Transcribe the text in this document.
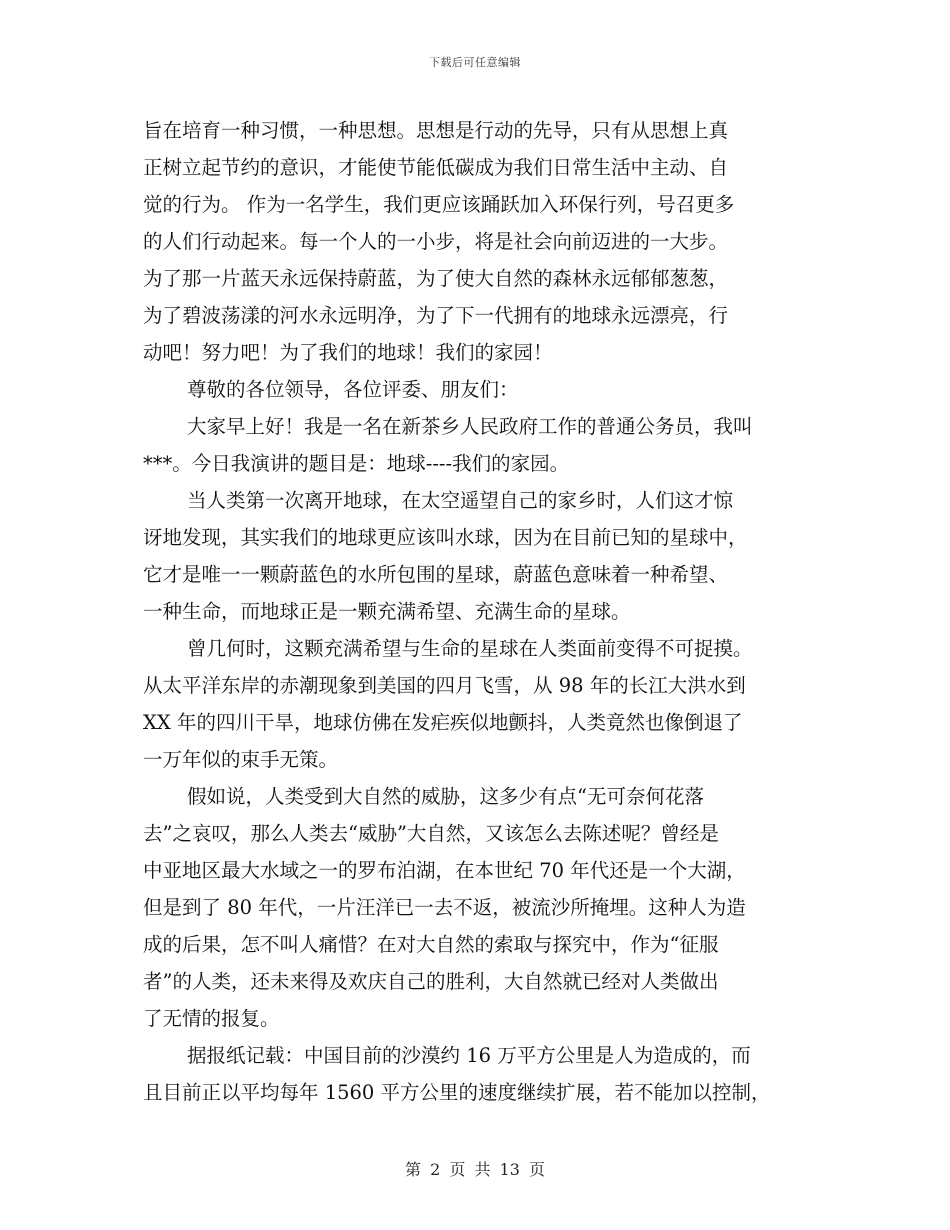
下载后可任意编辑
旨在培育一种习惯，一种思想。思想是行动的先导，只有从思想上真
正树立起节约的意识，才能使节能低碳成为我们日常生活中主动、自
觉的行为。 作为一名学生，我们更应该踊跃加入环保行列，号召更多
的人们行动起来。每一个人的一小步，将是社会向前迈进的一大步。
为了那一片蓝天永远保持蔚蓝，为了使大自然的森林永远郁郁葱葱，
为了碧波荡漾的河水永远明净，为了下一代拥有的地球永远漂亮，行
动吧！努力吧！为了我们的地球！我们的家园！
尊敬的各位领导，各位评委、朋友们：
大家早上好！我是一名在新茶乡人民政府工作的普通公务员，我叫
***。今日我演讲的题目是：地球----我们的家园。
当人类第一次离开地球，在太空遥望自己的家乡时，人们这才惊
讶地发现，其实我们的地球更应该叫水球，因为在目前已知的星球中，
它才是唯一一颗蔚蓝色的水所包围的星球，蔚蓝色意味着一种希望、
一种生命，而地球正是一颗充满希望、充满生命的星球。
曾几何时，这颗充满希望与生命的星球在人类面前变得不可捉摸。
从太平洋东岸的赤潮现象到美国的四月飞雪，从 98 年的长江大洪水到
XX 年的四川干旱，地球仿佛在发疟疾似地颤抖，人类竟然也像倒退了
一万年似的束手无策。
假如说，人类受到大自然的威胁，这多少有点“无可奈何花落
去”之哀叹，那么人类去“威胁”大自然，又该怎么去陈述呢？曾经是
中亚地区最大水域之一的罗布泊湖，在本世纪 70 年代还是一个大湖，
但是到了 80 年代，一片汪洋已一去不返，被流沙所掩埋。这种人为造
成的后果，怎不叫人痛惜？在对大自然的索取与探究中，作为“征服
者”的人类，还未来得及欢庆自己的胜利，大自然就已经对人类做出
了无情的报复。
据报纸记载：中国目前的沙漠约 16 万平方公里是人为造成的，而
且目前正以平均每年 1560 平方公里的速度继续扩展，若不能加以控制，
第 2 页 共 13 页
